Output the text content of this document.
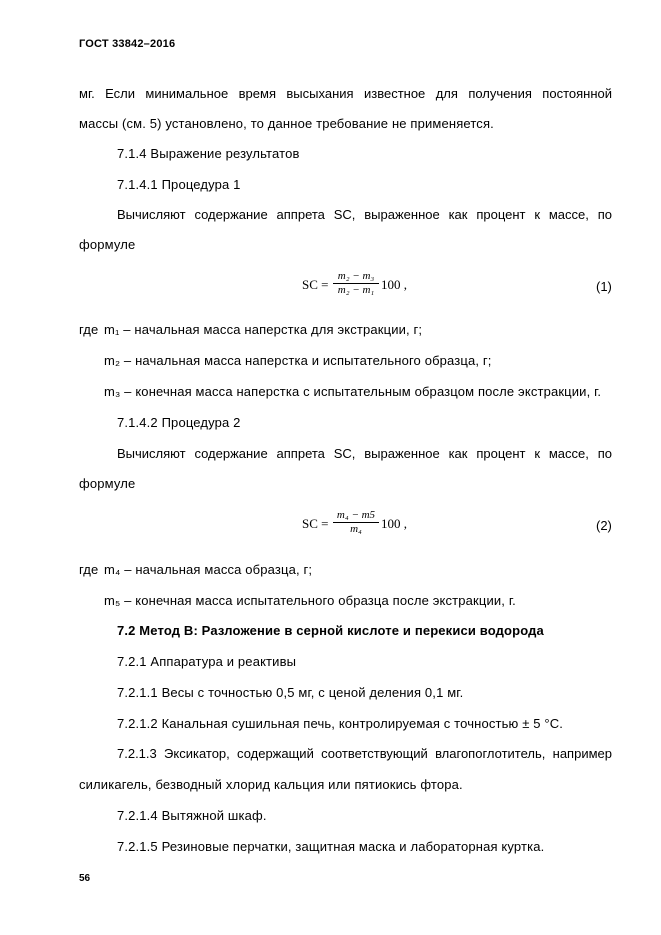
ГОСТ 33842–2016
мг. Если минимальное время высыхания известное для получения постоянной
массы (см. 5) установлено, то данное требование не применяется.
7.1.4 Выражение результатов
7.1.4.1 Процедура 1
Вычисляют содержание аппрета SC, выраженное как процент к массе, по
формуле
SC =
m₂ − m₃
m₂ − m₁ 100 ,	(1)
где m₁ – начальная масса наперстка для экстракции, г;
m₂ – начальная масса наперстка и испытательного образца, г;
m₃ – конечная масса наперстка с испытательным образцом после экстракции, г.
7.1.4.2 Процедура 2
Вычисляют содержание аппрета SC, выраженное как процент к массе, по
формуле
SC =
m₄ − m5
m₄	100 ,	(2)
где m₄ – начальная масса образца, г;
m₅ – конечная масса испытательного образца после экстракции, г.
7.2 Метод В: Разложение в серной кислоте и перекиси водорода
7.2.1 Аппаратура и реактивы
7.2.1.1 Весы с точностью 0,5 мг, с ценой деления 0,1 мг.
7.2.1.2 Канальная сушильная печь, контролируемая с точностью ± 5 °С.
7.2.1.3 Эксикатор, содержащий соответствующий влагопоглотитель, например
силикагель, безводный хлорид кальция или пятиокись фтора.
7.2.1.4 Вытяжной шкаф.
7.2.1.5 Резиновые перчатки, защитная маска и лабораторная куртка.
56
